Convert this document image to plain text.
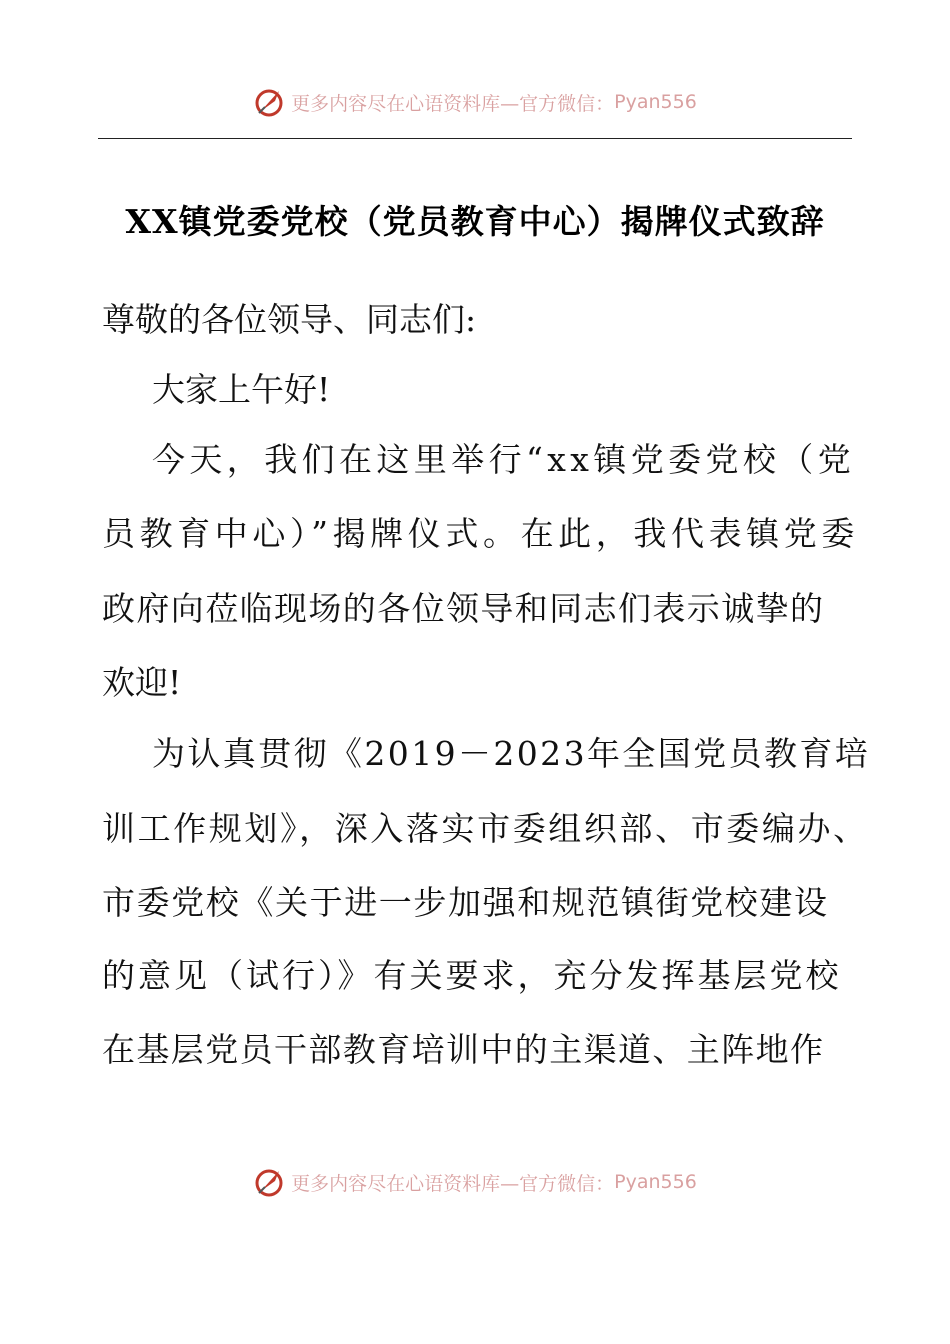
更多内容尽在心语资料库—官方微信： Pyan556
XX镇党委党校（党员教育中心）揭牌仪式致辞
尊敬的各位领导、同志们:
大家上午好!
今天，我们在这里举行“xx镇党委党校（党
员教育中心）”揭牌仪式。在此，我代表镇党委
政府向莅临现场的各位领导和同志们表示诚挚的
欢迎!
为认真贯彻《2019－2023年全国党员教育培
训工作规划》，深入落实市委组织部、市委编办、
市委党校《关于进一步加强和规范镇街党校建设
的意见（试行）》有关要求，充分发挥基层党校
在基层党员干部教育培训中的主渠道、主阵地作
更多内容尽在心语资料库—官方微信： Pyan556
